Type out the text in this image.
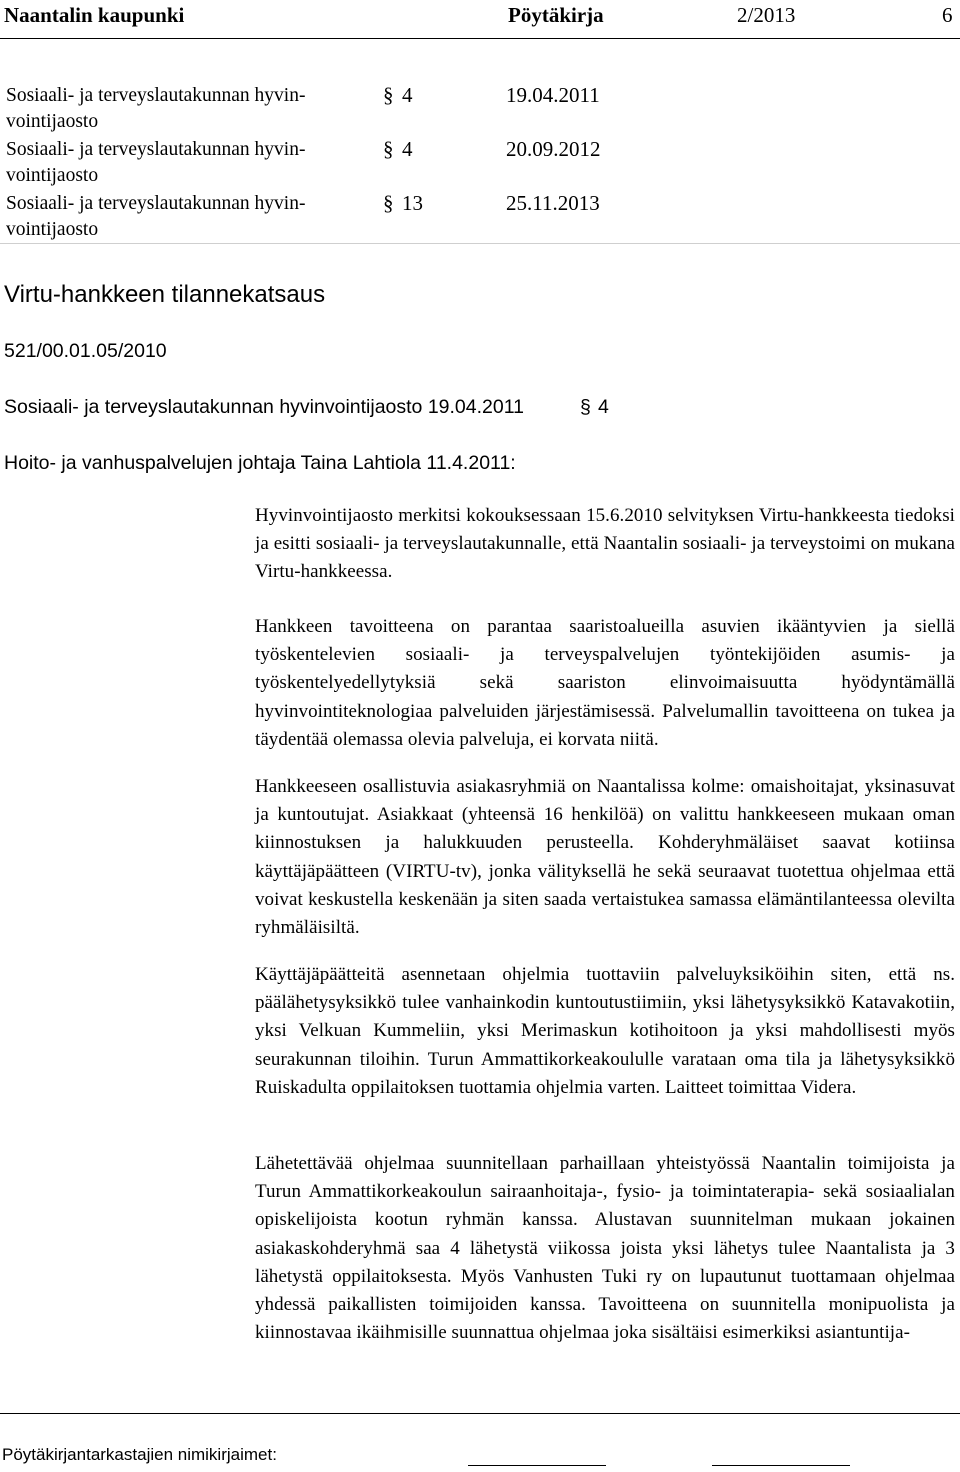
Naantalin kaupunki	Pöytäkirja	2/2013	6
Sosiaali- ja terveyslautakunnan hyvin-
vointijaosto
§ 4	19.04.2011
Sosiaali- ja terveyslautakunnan hyvin-
vointijaosto
§ 4	20.09.2012
Sosiaali- ja terveyslautakunnan hyvin-
vointijaosto
§ 13	25.11.2013
Virtu-hankkeen tilannekatsaus
521/00.01.05/2010
Sosiaali- ja terveyslautakunnan hyvinvointijaosto 19.04.2011	§ 4
Hoito- ja vanhuspalvelujen johtaja Taina Lahtiola 11.4.2011:
Hyvinvointijaosto merkitsi kokouksessaan 15.6.2010 selvityksen Virtu-hankkeesta tiedoksi ja esitti sosiaali- ja terveyslautakunnalle, että Naantalin sosiaali- ja terveystoimi on mukana Virtu-hankkeessa.
Hankkeen tavoitteena on parantaa saaristoalueilla asuvien ikääntyvien ja siellä työskentelevien sosiaali- ja terveyspalvelujen työntekijöiden asumis- ja työskentelyedellytyksiä sekä saariston elinvoimaisuutta hyödyntämällä hyvinvointiteknologiaa palveluiden järjestämisessä. Palvelumallin tavoitteena on tukea ja täydentää olemassa olevia palveluja, ei korvata niitä.
Hankkeeseen osallistuvia asiakasryhmiä on Naantalissa kolme: omaishoitajat, yksinasuvat ja kuntoutujat. Asiakkaat (yhteensä 16 henkilöä) on valittu hankkeeseen mukaan oman kiinnostuksen ja halukkuuden perusteella. Kohderyhmäläiset saavat kotiinsa käyttäjäpäätteen (VIRTU-tv), jonka välityksellä he sekä seuraavat tuotettua ohjelmaa että voivat keskustella keskenään ja siten saada vertaistukea samassa elämäntilanteessa olevilta ryhmäläisiltä.
Käyttäjäpäätteitä asennetaan ohjelmia tuottaviin palveluyksiköihin siten, että ns. päälähetysyksikkö tulee vanhainkodin kuntoutustiimiin, yksi lähetysyksikkö Katavakotiin, yksi Velkuan Kummeliin, yksi Merimaskun kotihoitoon ja yksi mahdollisesti myös seurakunnan tiloihin. Turun Ammattikorkeakoululle varataan oma tila ja lähetysyksikkö Ruiskadulta oppilaitoksen tuottamia ohjelmia varten. Laitteet toimittaa Videra.
Lähetettävää ohjelmaa suunnitellaan parhaillaan yhteistyössä Naantalin toimijoista ja Turun Ammattikorkeakoulun sairaanhoitaja-, fysio- ja toimintaterapia- sekä sosiaalialan opiskelijoista kootun ryhmän kanssa. Alustavan suunnitelman mukaan jokainen asiakaskohderyhmä saa 4 lähetystä viikossa joista yksi lähetys tulee Naantalista ja 3 lähetystä oppilaitoksesta. Myös Vanhusten Tuki ry on lupautunut tuottamaan ohjelmaa yhdessä paikallisten toimijoiden kanssa. Tavoitteena on suunnitella monipuolista ja kiinnostavaa ikäihmisille suunnattua ohjelmaa joka sisältäisi esimerkiksi asiantuntija-
Pöytäkirjantarkastajien nimikirjaimet:
